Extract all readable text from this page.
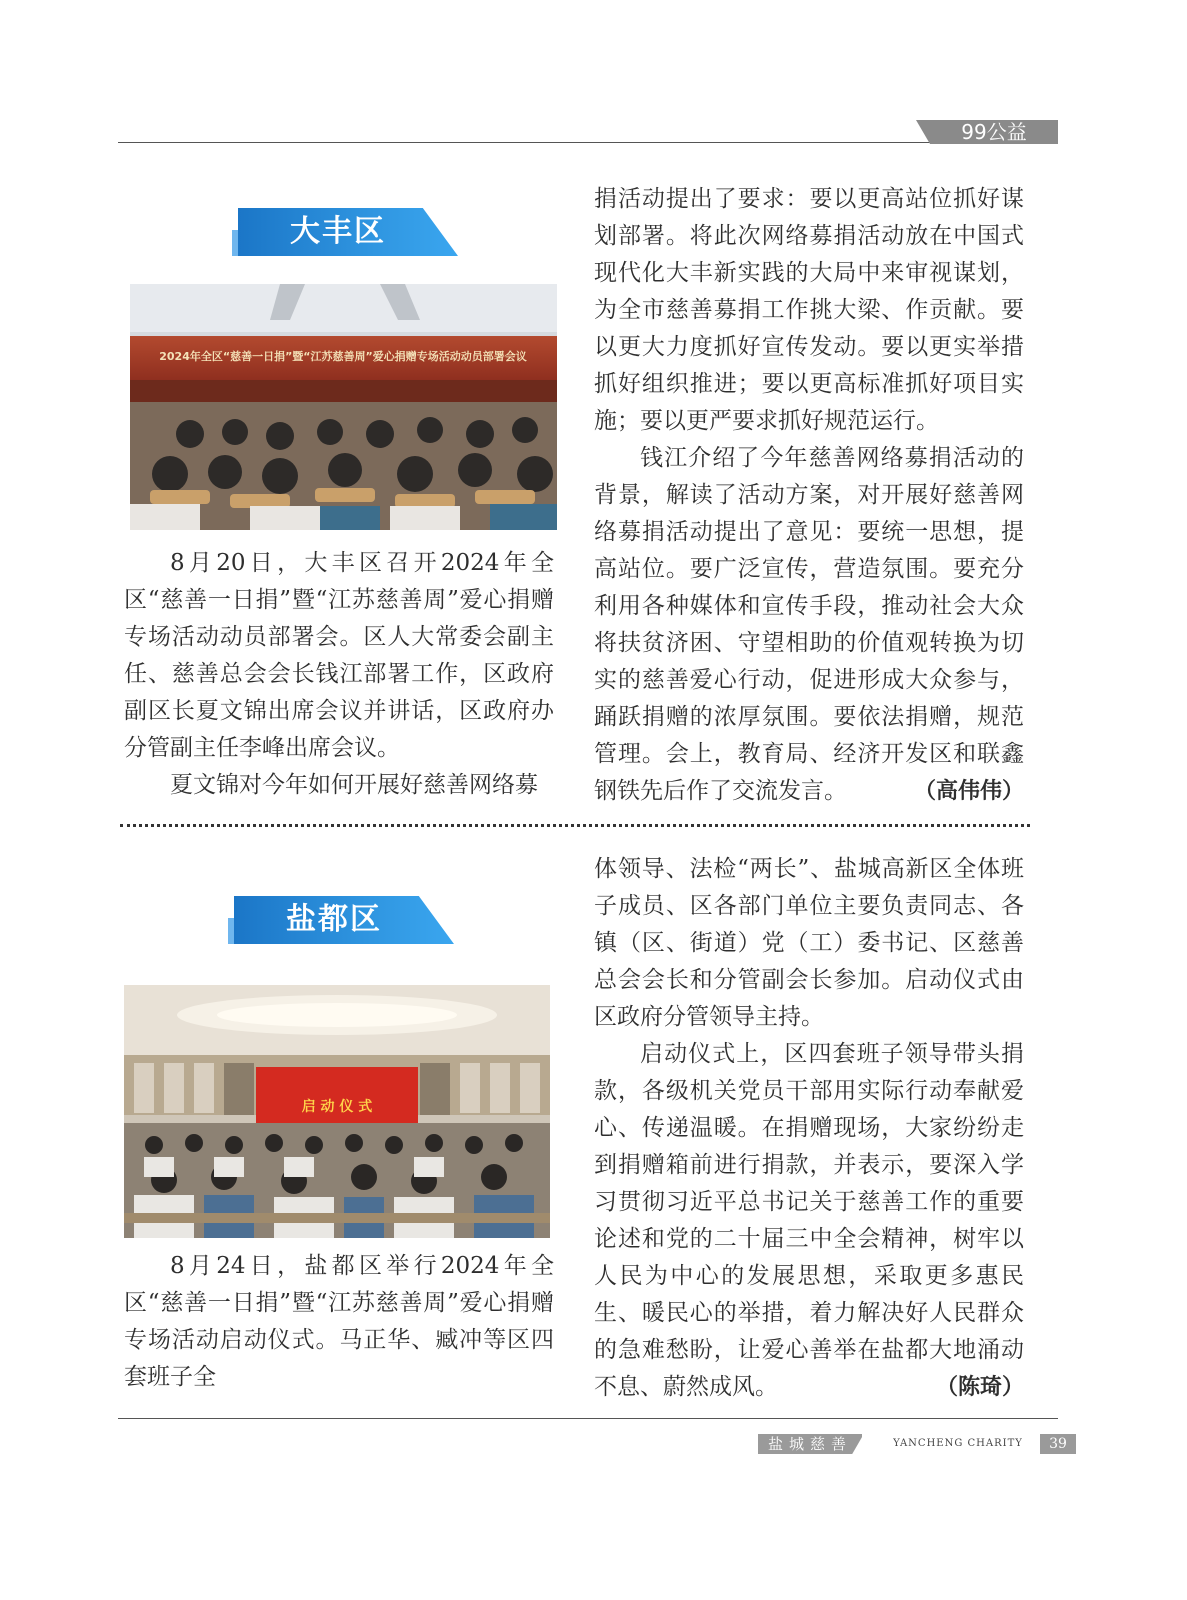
99公益
大丰区
2024年全区“慈善一日捐”暨“江苏慈善周”爱心捐赠专场活动动员部署会议

8月20日，大丰区召开2024年全区“慈善一日捐”暨“江苏慈善周”爱心捐赠专场活动动员部署会。区人大常委会副主任、慈善总会会长钱江部署工作，区政府副区长夏文锦出席会议并讲话，区政府办分管副主任李峰出席会议。

夏文锦对今年如何开展好慈善网络募

捐活动提出了要求：要以更高站位抓好谋划部署。将此次网络募捐活动放在中国式现代化大丰新实践的大局中来审视谋划，为全市慈善募捐工作挑大梁、作贡献。要以更大力度抓好宣传发动。要以更实举措抓好组织推进；要以更高标准抓好项目实施；要以更严要求抓好规范运行。

钱江介绍了今年慈善网络募捐活动的背景，解读了活动方案，对开展好慈善网络募捐活动提出了意见：要统一思想，提高站位。要广泛宣传，营造氛围。要充分利用各种媒体和宣传手段，推动社会大众将扶贫济困、守望相助的价值观转换为切实的慈善爱心行动，促进形成大众参与，踊跃捐赠的浓厚氛围。要依法捐赠，规范管理。会上，教育局、经济开发区和联鑫钢铁先后作了交流发言。	（高伟伟）

盐都区
启 动 仪 式

8月24日，盐都区举行2024年全区“慈善一日捐”暨“江苏慈善周”爱心捐赠专场活动启动仪式。马正华、臧冲等区四套班子全

体领导、法检“两长”、盐城高新区全体班子成员、区各部门单位主要负责同志、各镇（区、街道）党（工）委书记、区慈善总会会长和分管副会长参加。启动仪式由区政府分管领导主持。

启动仪式上，区四套班子领导带头捐款，各级机关党员干部用实际行动奉献爱心、传递温暖。在捐赠现场，大家纷纷走到捐赠箱前进行捐款，并表示，要深入学习贯彻习近平总书记关于慈善工作的重要论述和党的二十届三中全会精神，树牢以人民为中心的发展思想，采取更多惠民生、暖民心的举措，着力解决好人民群众的急难愁盼，让爱心善举在盐都大地涌动不息、蔚然成风。	（陈琦）

盐城慈善	YANCHENG CHARITY	39
